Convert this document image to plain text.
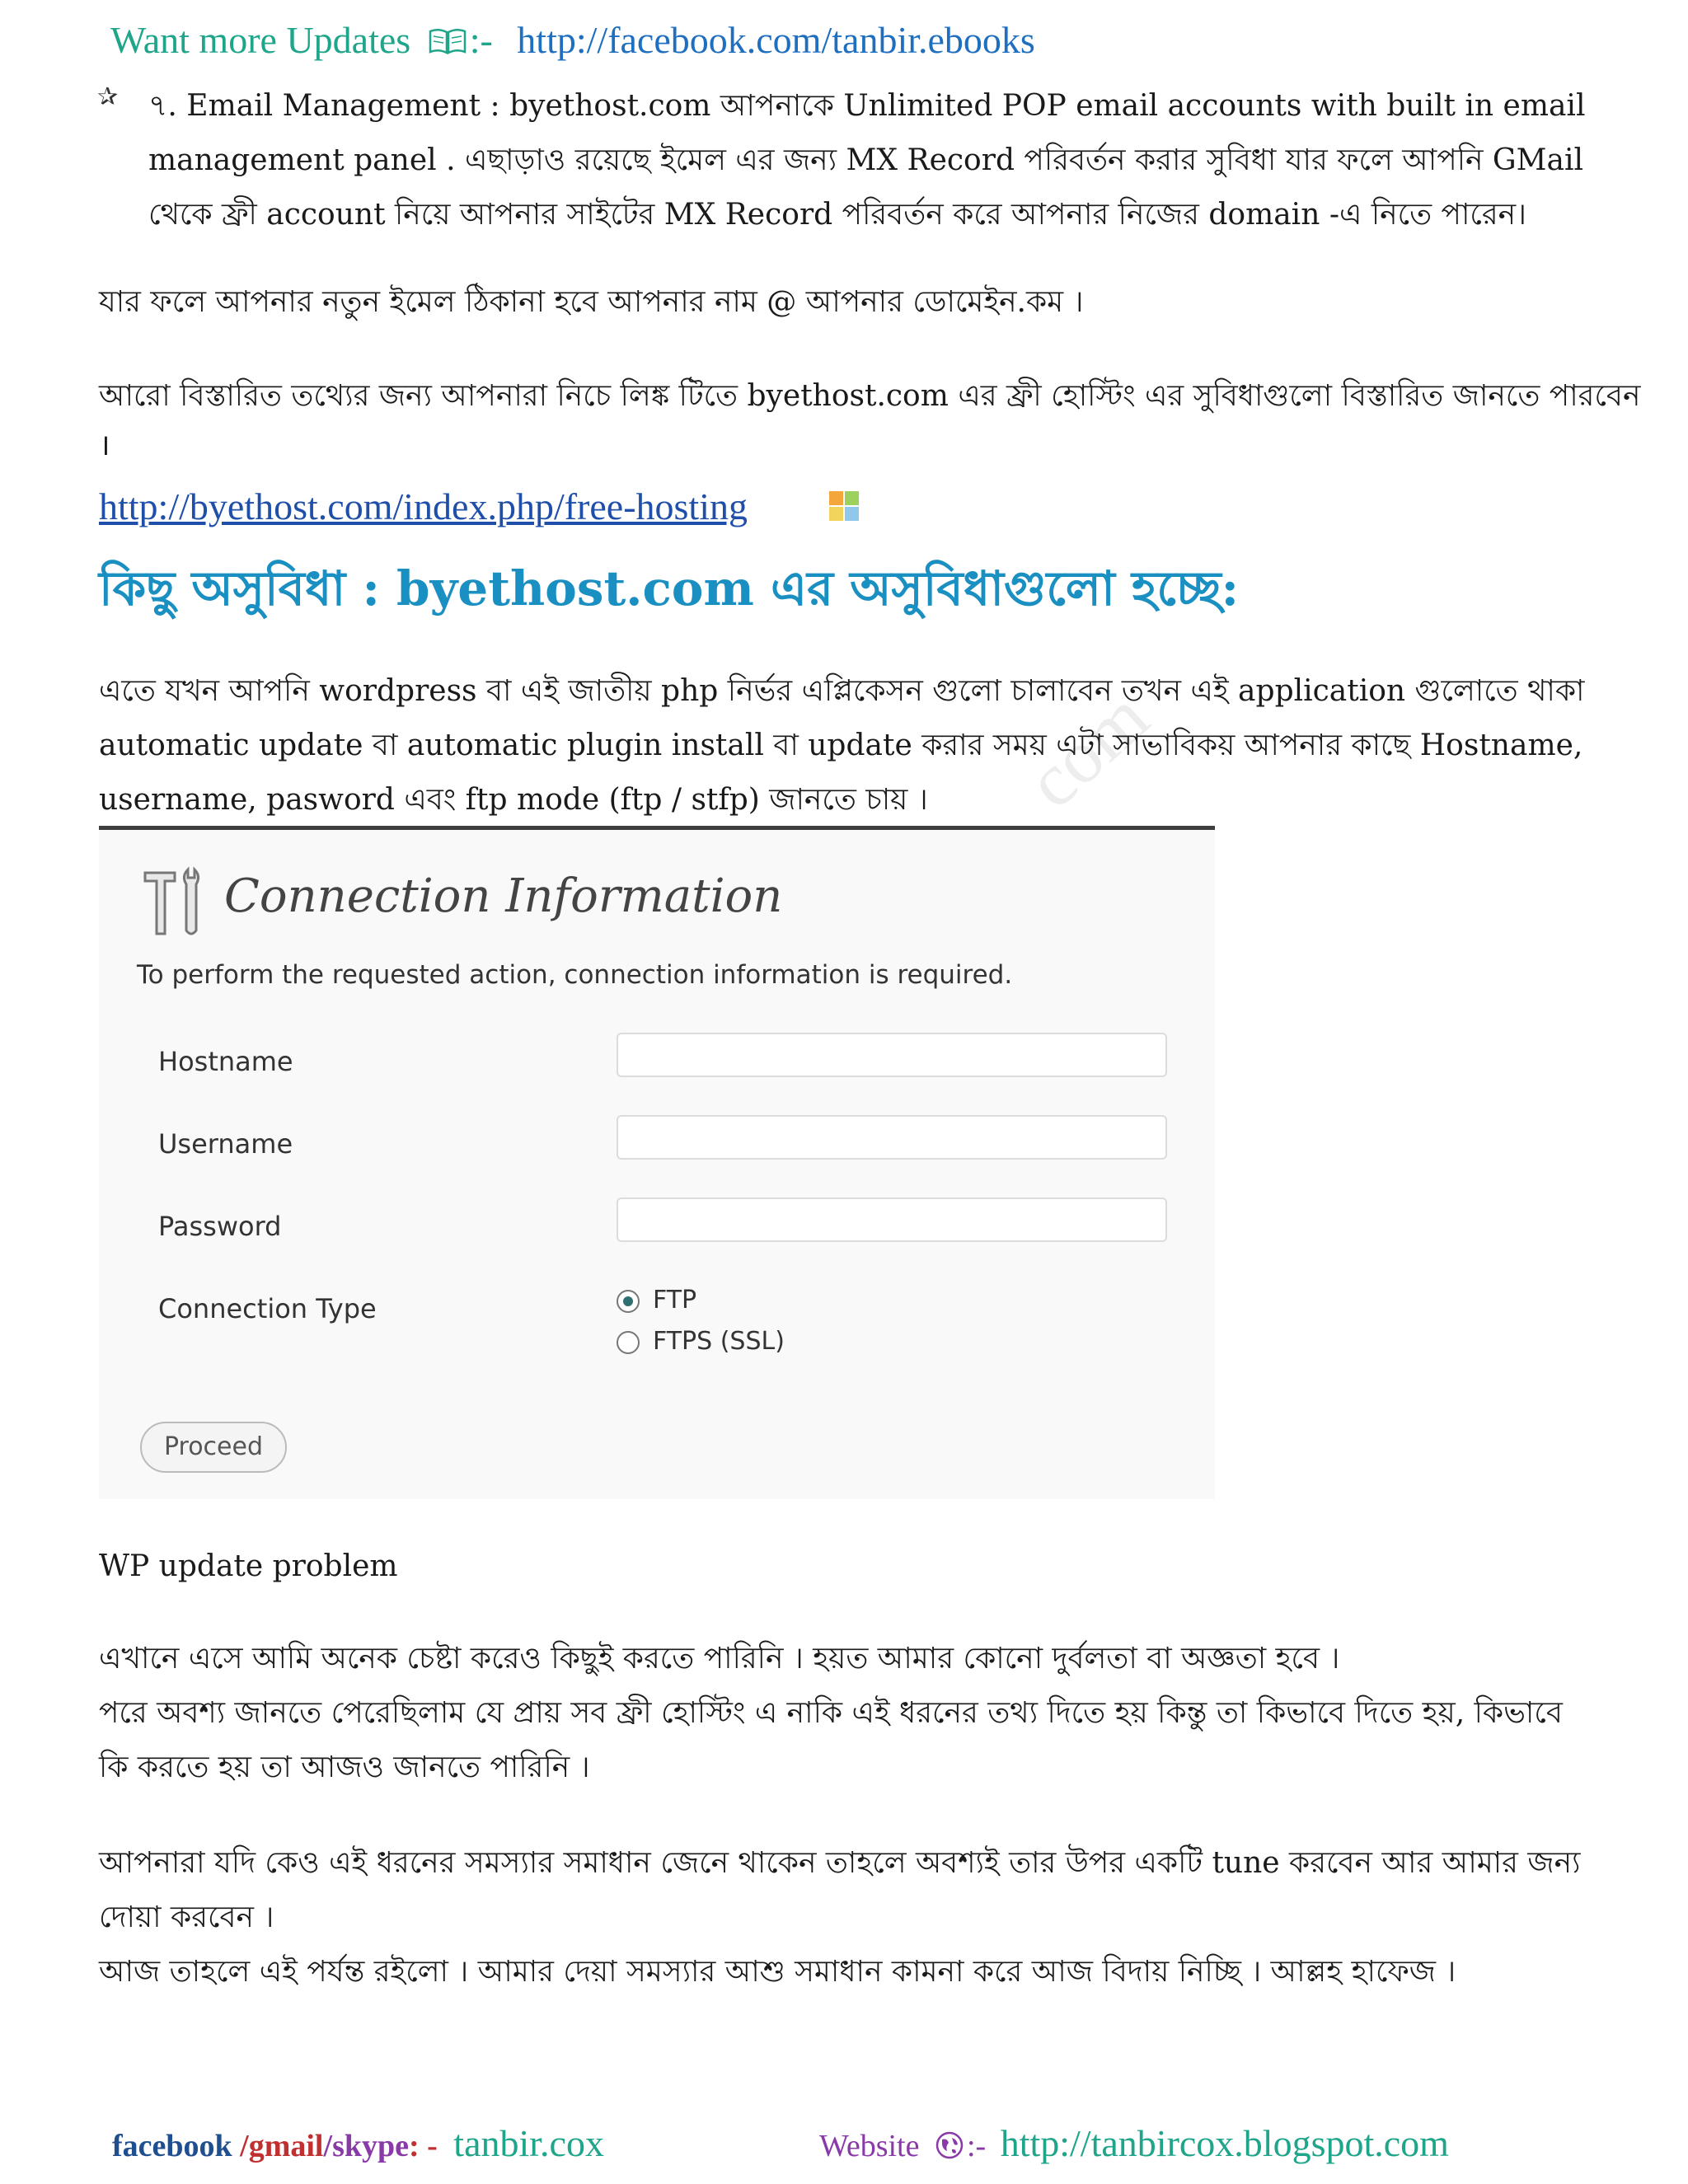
Want more Updates :- http://facebook.com/tanbir.ebooks
✰ ৭. Email Management : byethost.com আপনাকে Unlimited POP email accounts with built in email
management panel . এছাড়াও রয়েছে ইমেল এর জন্য MX Record পরিবর্তন করার সুবিধা যার ফলে আপনি GMail
থেকে ফ্রী account নিয়ে আপনার সাইটের MX Record পরিবর্তন করে আপনার নিজের domain -এ নিতে পারেন।
যার ফলে আপনার নতুন ইমেল ঠিকানা হবে আপনার নাম @ আপনার ডোমেইন.কম ।
আরো বিস্তারিত তথ্যের জন্য আপনারা নিচে লিঙ্ক টিতে byethost.com এর ফ্রী হোস্টিং এর সুবিধাগুলো বিস্তারিত জানতে পারবেন
।
http://byethost.com/index.php/free-hosting
কিছু অসুবিধা : byethost.com এর অসুবিধাগুলো হচ্ছে:
com
এতে যখন আপনি wordpress বা এই জাতীয় php নির্ভর এপ্লিকেসন গুলো চালাবেন তখন এই application গুলোতে থাকা
automatic update বা automatic plugin install বা update করার সময় এটা সাভাবিকয় আপনার কাছে Hostname,
username, pasword এবং ftp mode (ftp / stfp) জানতে চায় ।
Connection Information
To perform the requested action, connection information is required.
Hostname
Username
Password
Connection Type	FTP
FTPS (SSL)
Proceed
WP update problem
এখানে এসে আমি অনেক চেষ্টা করেও কিছুই করতে পারিনি । হয়ত আমার কোনো দুর্বলতা বা অজ্ঞতা হবে ।
পরে অবশ্য জানতে পেরেছিলাম যে প্রায় সব ফ্রী হোস্টিং এ নাকি এই ধরনের তথ্য দিতে হয় কিন্তু তা কিভাবে দিতে হয়, কিভাবে
কি করতে হয় তা আজও জানতে পারিনি ।
আপনারা যদি কেও এই ধরনের সমস্যার সমাধান জেনে থাকেন তাহলে অবশ্যই তার উপর একটি tune করবেন আর আমার জন্য
দোয়া করবেন ।
আজ তাহলে এই পর্যন্ত রইলো । আমার দেয়া সমস্যার আশু সমাধান কামনা করে আজ বিদায় নিচ্ছি । আল্লহ হাফেজ ।
facebook /gmail/skype: - tanbir.cox	Website :- http://tanbircox.blogspot.com
